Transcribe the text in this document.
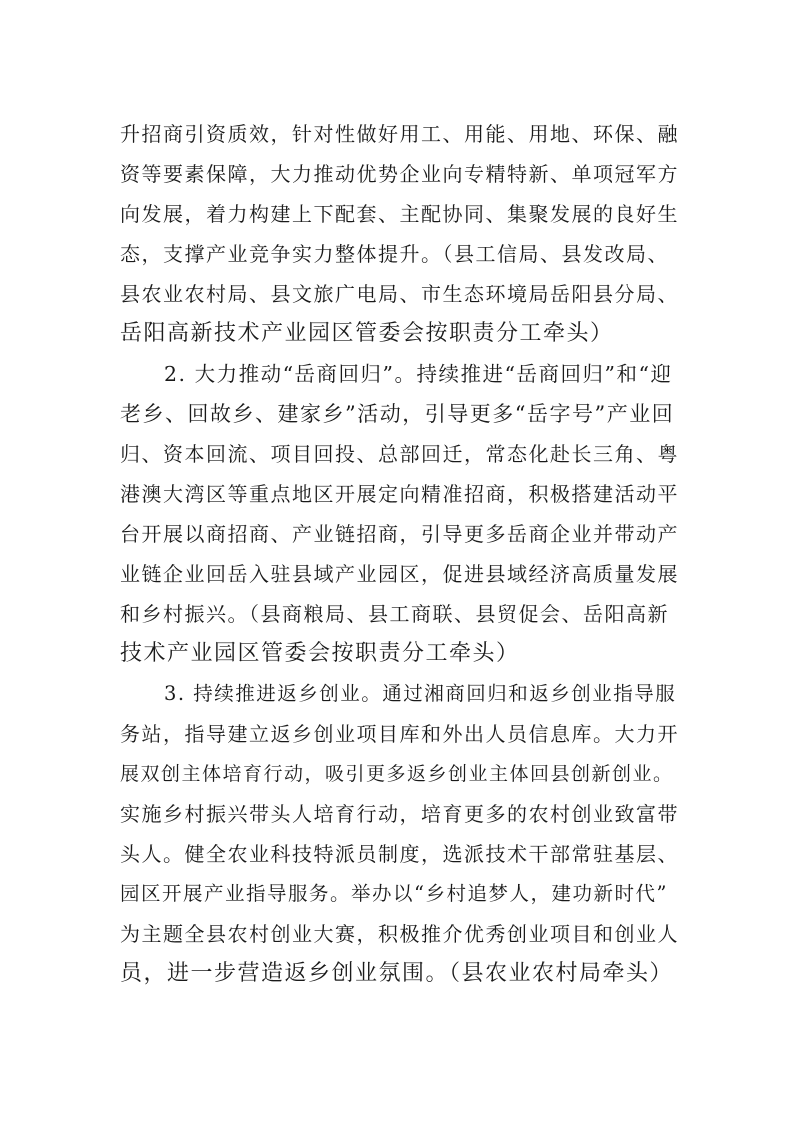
升招商引资质效，针对性做好用工、用能、用地、环保、融
资等要素保障，大力推动优势企业向专精特新、单项冠军方
向发展，着力构建上下配套、主配协同、集聚发展的良好生
态，支撑产业竞争实力整体提升。（县工信局、县发改局、
县农业农村局、县文旅广电局、市生态环境局岳阳县分局、
岳阳高新技术产业园区管委会按职责分工牵头）
2. 大力推动“岳商回归”。持续推进“岳商回归”和“迎
老乡、回故乡、建家乡”活动，引导更多“岳字号”产业回
归、资本回流、项目回投、总部回迁，常态化赴长三角、粤
港澳大湾区等重点地区开展定向精准招商，积极搭建活动平
台开展以商招商、产业链招商，引导更多岳商企业并带动产
业链企业回岳入驻县域产业园区，促进县域经济高质量发展
和乡村振兴。（县商粮局、县工商联、县贸促会、岳阳高新
技术产业园区管委会按职责分工牵头）
3. 持续推进返乡创业。通过湘商回归和返乡创业指导服
务站，指导建立返乡创业项目库和外出人员信息库。大力开
展双创主体培育行动，吸引更多返乡创业主体回县创新创业。
实施乡村振兴带头人培育行动，培育更多的农村创业致富带
头人。健全农业科技特派员制度，选派技术干部常驻基层、
园区开展产业指导服务。举办以“乡村追梦人，建功新时代”
为主题全县农村创业大赛，积极推介优秀创业项目和创业人
员，进一步营造返乡创业氛围。（县农业农村局牵头）
